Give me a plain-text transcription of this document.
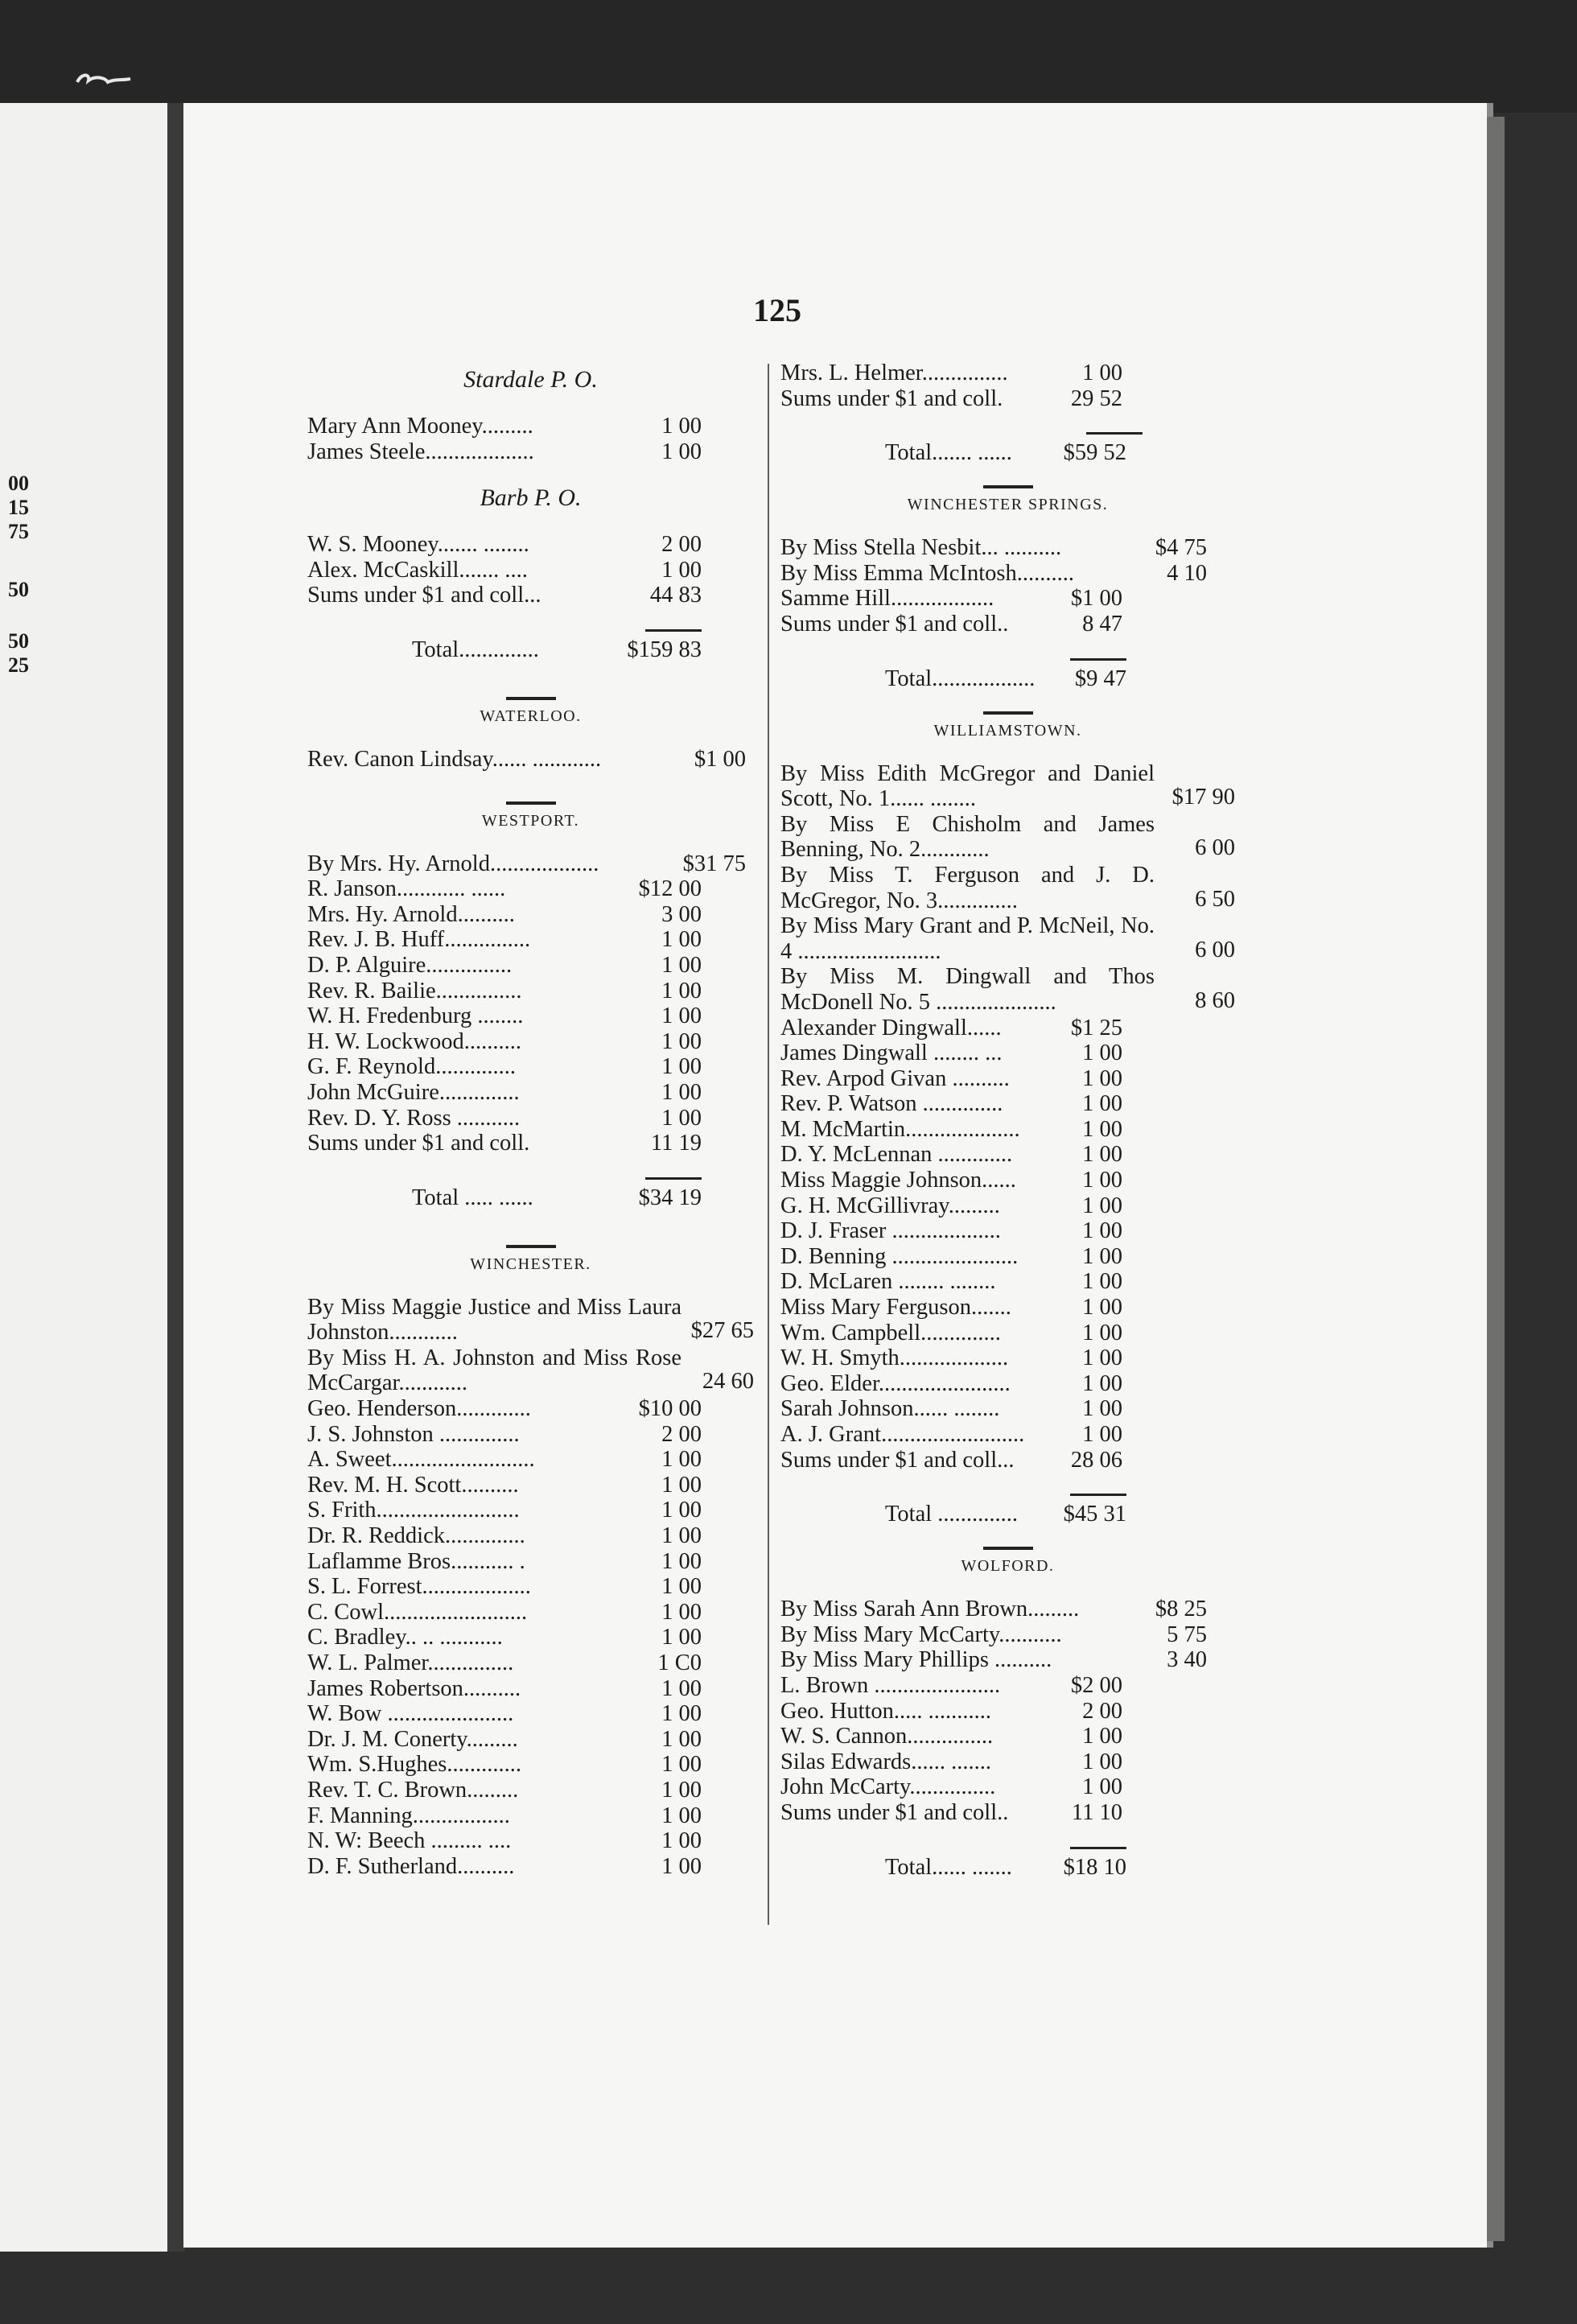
00
15
75
50
50
25
125
Stardale P. O.
Mary Ann Mooney.........	1 00
James Steele...................	1 00
Barb P. O.
W. S. Mooney....... ........	2 00
Alex. McCaskill....... ....	1 00
Sums under $1 and coll...	44 83
Total..............	$159 83
WATERLOO.
Rev. Canon Lindsay...... ............	$1 00
WESTPORT.
By Mrs. Hy. Arnold...................	$31 75
R. Janson............ ......	$12 00
Mrs. Hy. Arnold..........	3 00
Rev. J. B. Huff...............	1 00
D. P. Alguire...............	1 00
Rev. R. Bailie...............	1 00
W. H. Fredenburg ........	1 00
H. W. Lockwood..........	1 00
G. F. Reynold..............	1 00
John McGuire..............	1 00
Rev. D. Y. Ross ...........	1 00
Sums under $1 and coll.	11 19
Total ..... ......	$34 19
WINCHESTER.
By Miss Maggie Justice and Miss Laura Johnston............	$27 65
By Miss H. A. Johnston and Miss Rose McCargar............	24 60
Geo. Henderson.............	$10 00
J. S. Johnston ..............	2 00
A. Sweet.........................	1 00
Rev. M. H. Scott..........	1 00
S. Frith.........................	1 00
Dr. R. Reddick..............	1 00
Laflamme Bros........... .	1 00
S. L. Forrest...................	1 00
C. Cowl.........................	1 00
C. Bradley.. .. ...........	1 00
W. L. Palmer...............	1 C0
James Robertson..........	1 00
W. Bow ......................	1 00
Dr. J. M. Conerty.........	1 00
Wm. S.Hughes.............	1 00
Rev. T. C. Brown.........	1 00
F. Manning.................	1 00
N. W: Beech ......... ....	1 00
D. F. Sutherland..........	1 00
Mrs. L. Helmer...............	1 00
Sums under $1 and coll.	29 52
Total....... ......	$59 52
WINCHESTER SPRINGS.
By Miss Stella Nesbit... ..........	$4 75
By Miss Emma McIntosh..........	4 10
Samme Hill..................	$1 00
Sums under $1 and coll..	8 47
Total..................	$9 47
WILLIAMSTOWN.
By Miss Edith McGregor and Daniel Scott, No. 1...... ........	$17 90
By Miss E Chisholm and James Benning, No. 2............	6 00
By Miss T. Ferguson and J. D. McGregor, No. 3..............	6 50
By Miss Mary Grant and P. McNeil, No. 4 .........................	6 00
By Miss M. Dingwall and Thos McDonell No. 5 .....................	8 60
Alexander Dingwall......	$1 25
James Dingwall ........ ...	1 00
Rev. Arpod Givan ..........	1 00
Rev. P. Watson ..............	1 00
M. McMartin....................	1 00
D. Y. McLennan .............	1 00
Miss Maggie Johnson......	1 00
G. H. McGillivray.........	1 00
D. J. Fraser ...................	1 00
D. Benning ......................	1 00
D. McLaren ........ ........	1 00
Miss Mary Ferguson.......	1 00
Wm. Campbell..............	1 00
W. H. Smyth...................	1 00
Geo. Elder.......................	1 00
Sarah Johnson...... ........	1 00
A. J. Grant.........................	1 00
Sums under $1 and coll...	28 06
Total ..............	$45 31
WOLFORD.
By Miss Sarah Ann Brown.........	$8 25
By Miss Mary McCarty...........	5 75
By Miss Mary Phillips ..........	3 40
L. Brown ......................	$2 00
Geo. Hutton..... ...........	2 00
W. S. Cannon...............	1 00
Silas Edwards...... .......	1 00
John McCarty...............	1 00
Sums under $1 and coll..	11 10
Total...... .......	$18 10
